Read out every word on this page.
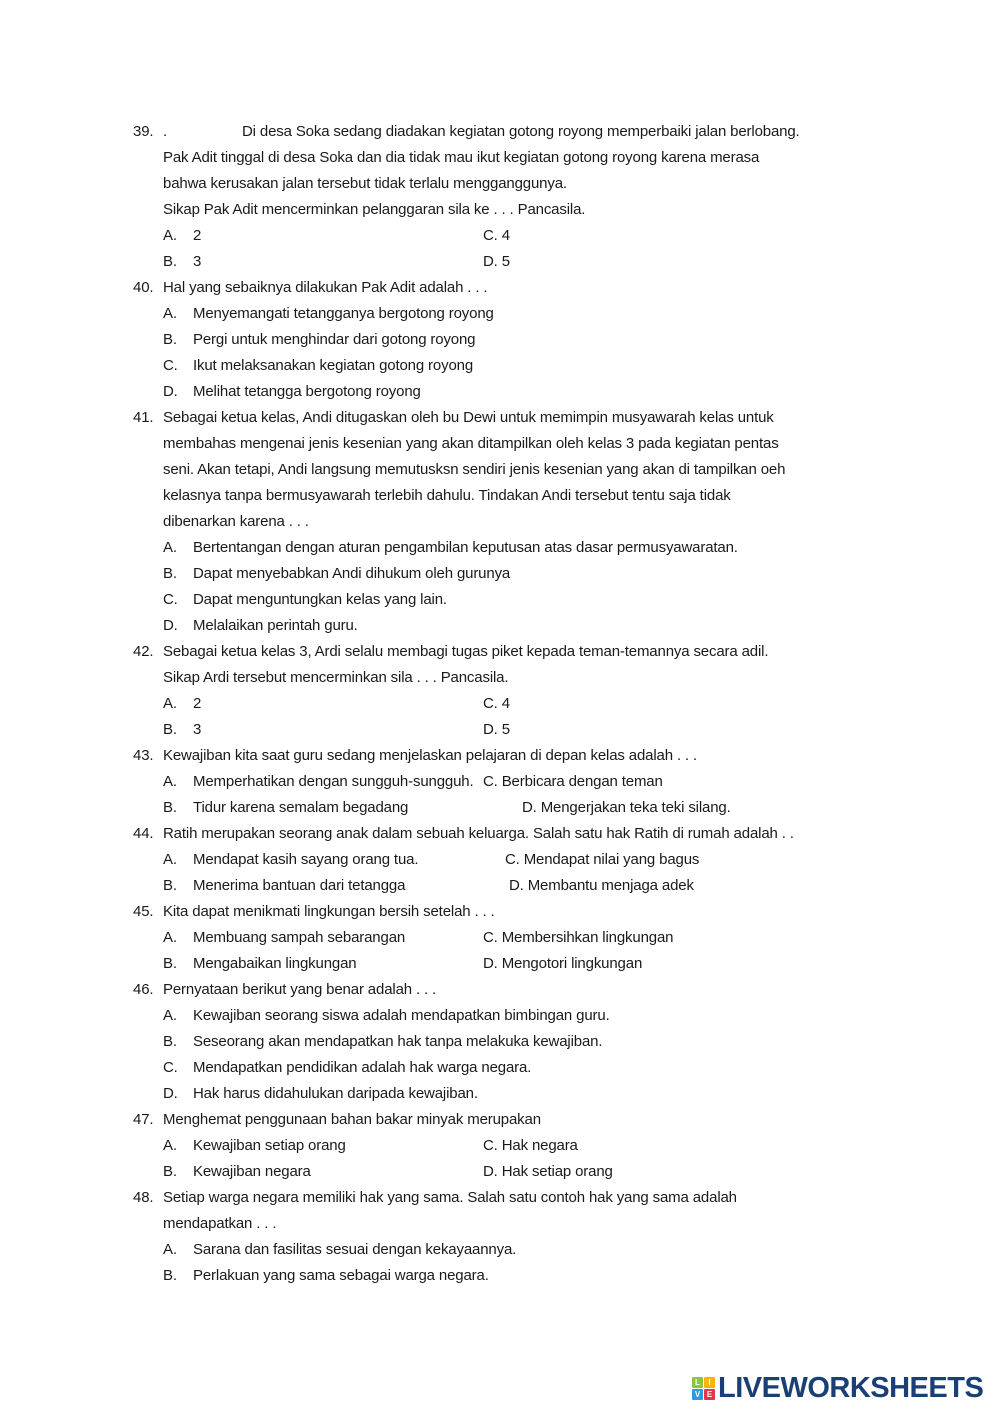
39. .	Di desa Soka sedang diadakan kegiatan gotong royong memperbaiki jalan berlobang.
Pak Adit tinggal di desa Soka dan dia tidak mau ikut kegiatan gotong royong karena merasa
bahwa kerusakan jalan tersebut tidak terlalu mengganggunya.
Sikap Pak Adit mencerminkan pelanggaran sila ke . . . Pancasila.
A. 2	C. 4
B. 3	D. 5
40. Hal yang sebaiknya dilakukan Pak Adit adalah . . .
A. Menyemangati tetangganya bergotong royong
B. Pergi untuk menghindar dari gotong royong
C. Ikut melaksanakan kegiatan gotong royong
D. Melihat tetangga bergotong royong
41. Sebagai ketua kelas, Andi ditugaskan oleh bu Dewi untuk memimpin musyawarah kelas untuk
membahas mengenai jenis kesenian yang akan ditampilkan oleh kelas 3 pada kegiatan pentas
seni. Akan tetapi, Andi langsung memutusksn sendiri jenis kesenian yang akan di tampilkan oeh
kelasnya tanpa bermusyawarah terlebih dahulu. Tindakan Andi tersebut tentu saja tidak
dibenarkan karena . . .
A. Bertentangan dengan aturan pengambilan keputusan atas dasar permusyawaratan.
B. Dapat menyebabkan Andi dihukum oleh gurunya
C. Dapat menguntungkan kelas yang lain.
D. Melalaikan perintah guru.
42. Sebagai ketua kelas 3, Ardi selalu membagi tugas piket kepada teman-temannya secara adil.
Sikap Ardi tersebut mencerminkan sila . . . Pancasila.
A. 2	C. 4
B. 3	D. 5
43. Kewajiban kita saat guru sedang menjelaskan pelajaran di depan kelas adalah . . .
A. Memperhatikan dengan sungguh-sungguh. C. Berbicara dengan teman
B. Tidur karena semalam begadang	D. Mengerjakan teka teki silang.
44. Ratih merupakan seorang anak dalam sebuah keluarga. Salah satu hak Ratih di rumah adalah . .
A. Mendapat kasih sayang orang tua.	C. Mendapat nilai yang bagus
B. Menerima bantuan dari tetangga	D. Membantu menjaga adek
45. Kita dapat menikmati lingkungan bersih setelah . . .
A. Membuang sampah sebarangan	C. Membersihkan lingkungan
B. Mengabaikan lingkungan	D. Mengotori lingkungan
46. Pernyataan berikut yang benar adalah . . .
A. Kewajiban seorang siswa adalah mendapatkan bimbingan guru.
B. Seseorang akan mendapatkan hak tanpa melakuka kewajiban.
C. Mendapatkan pendidikan adalah hak warga negara.
D. Hak harus didahulukan daripada kewajiban.
47. Menghemat penggunaan bahan bakar minyak merupakan
A. Kewajiban setiap orang	C. Hak negara
B. Kewajiban negara	D. Hak setiap orang
48. Setiap warga negara memiliki hak yang sama. Salah satu contoh hak yang sama adalah
mendapatkan . . .
A. Sarana dan fasilitas sesuai dengan kekayaannya.
B. Perlakuan yang sama sebagai warga negara.
L	I
V E LIVEWORKSHEETS
